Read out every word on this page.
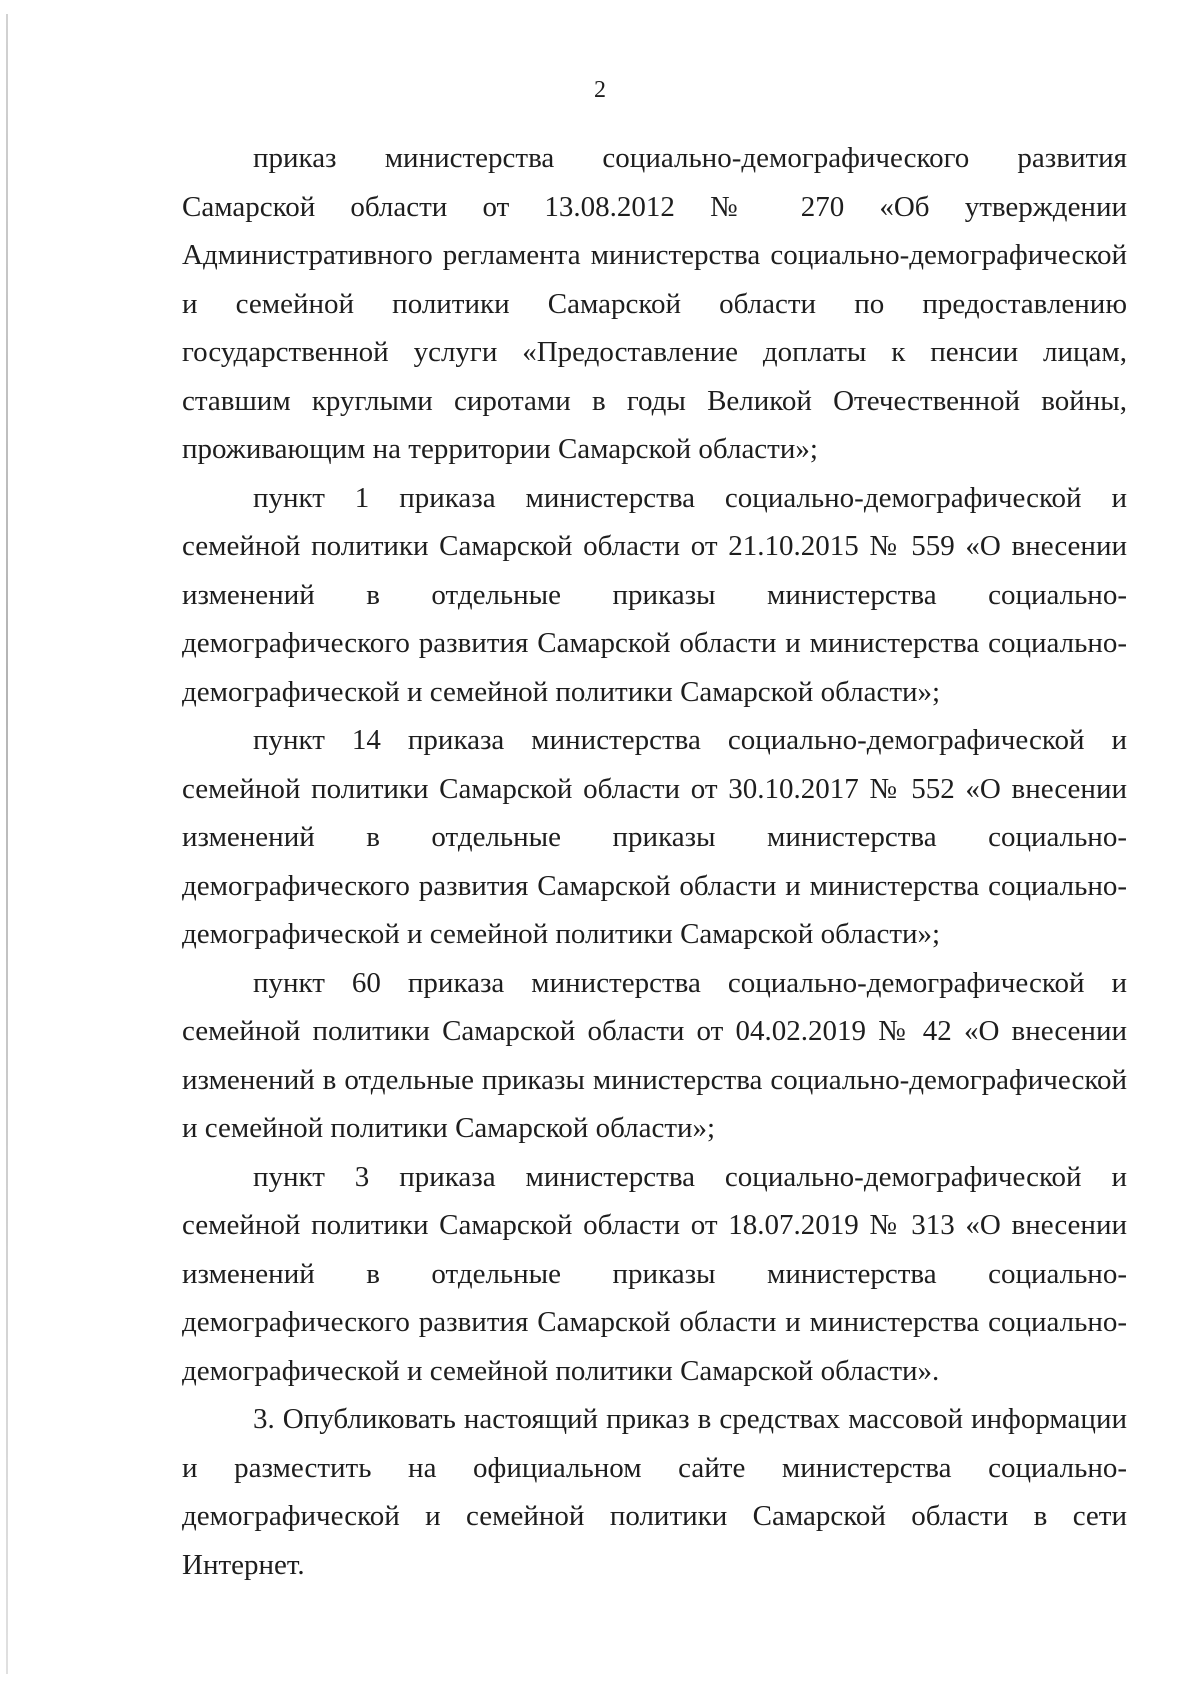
2

приказ министерства социально-демографического развития Самарской области от 13.08.2012 № 270 «Об утверждении Административного регламента министерства социально-демографической и семейной политики Самарской области по предоставлению государственной услуги «Предоставление доплаты к пенсии лицам, ставшим круглыми сиротами в годы Великой Отечественной войны, проживающим на территории Самарской области»;

пункт 1 приказа министерства социально-демографической и семейной политики Самарской области от 21.10.2015 № 559 «О внесении изменений в отдельные приказы министерства социально-демографического развития Самарской области и министерства социально-демографической и семейной политики Самарской области»;

пункт 14 приказа министерства социально-демографической и семейной политики Самарской области от 30.10.2017 № 552 «О внесении изменений в отдельные приказы министерства социально-демографического развития Самарской области и министерства социально-демографической и семейной политики Самарской области»;

пункт 60 приказа министерства социально-демографической и семейной политики Самарской области от 04.02.2019 № 42 «О внесении изменений в отдельные приказы министерства социально-демографической и семейной политики Самарской области»;

пункт 3 приказа министерства социально-демографической и семейной политики Самарской области от 18.07.2019 № 313 «О внесении изменений в отдельные приказы министерства социально-демографического развития Самарской области и министерства социально-демографической и семейной политики Самарской области».

3. Опубликовать настоящий приказ в средствах массовой информации и разместить на официальном сайте министерства социально-демографической и семейной политики Самарской области в сети Интернет.
